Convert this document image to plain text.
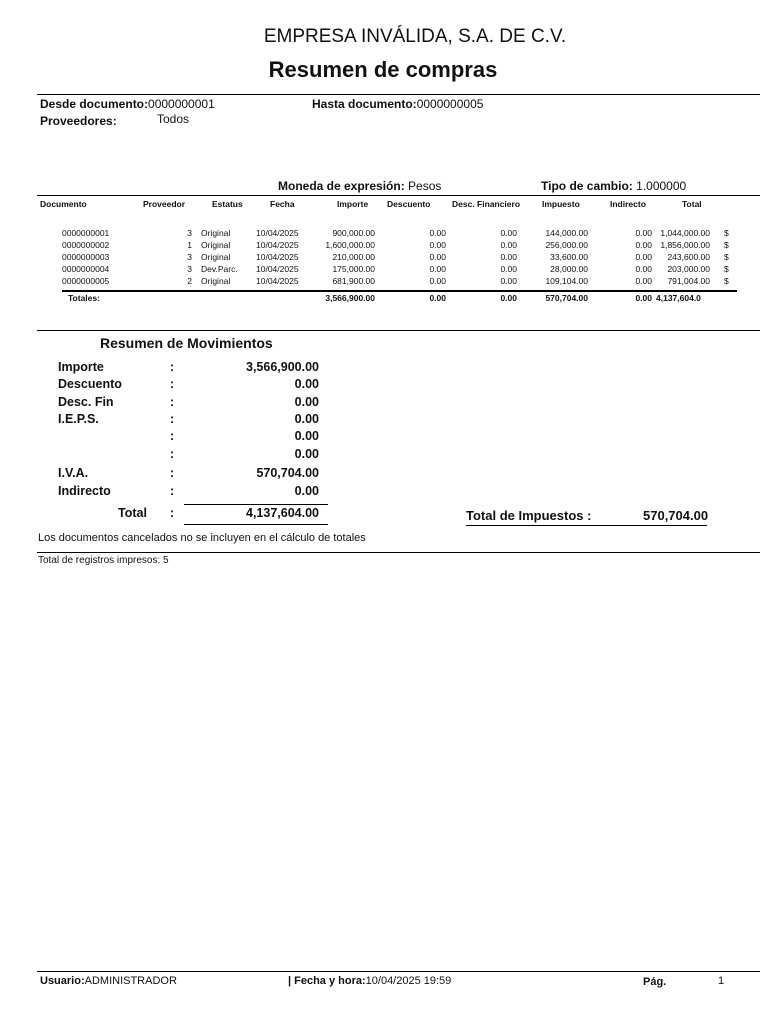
EMPRESA INVÁLIDA, S.A. DE C.V.
Resumen de compras
Desde documento:0000000001	Hasta documento:0000000005
Proveedores:	Todos
Moneda de expresión: Pesos	Tipo de cambio: 1.000000
Documento	Proveedor	Estatus	Fecha	Importe Descuento	Desc. Financiero	Impuesto	Indirecto	Total
0000000001	3 Original	10/04/2025	900,000.00	0.00	0.00	144,000.00	0.00 1,044,000.00 $
0000000002	1 Original	10/04/2025	1,600,000.00	0.00	0.00	256,000.00	0.00 1,856,000.00 $
0000000003	3 Original	10/04/2025	210,000.00	0.00	0.00	33,600.00	0.00	243,600.00 $
0000000004	3 Dev.Parc. 10/04/2025	175,000.00	0.00	0.00	28,000.00	0.00	203,000.00 $
0000000005	2 Original	10/04/2025	681,900.00	0.00	0.00	109,104.00	0.00	791,004.00 $
Totales:	3,566,900.00	0.00	0.00	570,704.00	0.00 4,137,604.0
Resumen de Movimientos
Importe	:	3,566,900.00
Descuento	:	0.00
Desc. Fin	:	0.00
I.E.P.S.	:	0.00
:	0.00
:	0.00
I.V.A.	:	570,704.00
Indirecto	:	0.00
Total :	4,137,604.00	Total de Impuestos :	570,704.00
Los documentos cancelados no se incluyen en el cálculo de totales
Total de registros impresos: 5
Usuario:ADMINISTRADOR	| Fecha y hora:10/04/2025 19:59	Pág.	1
